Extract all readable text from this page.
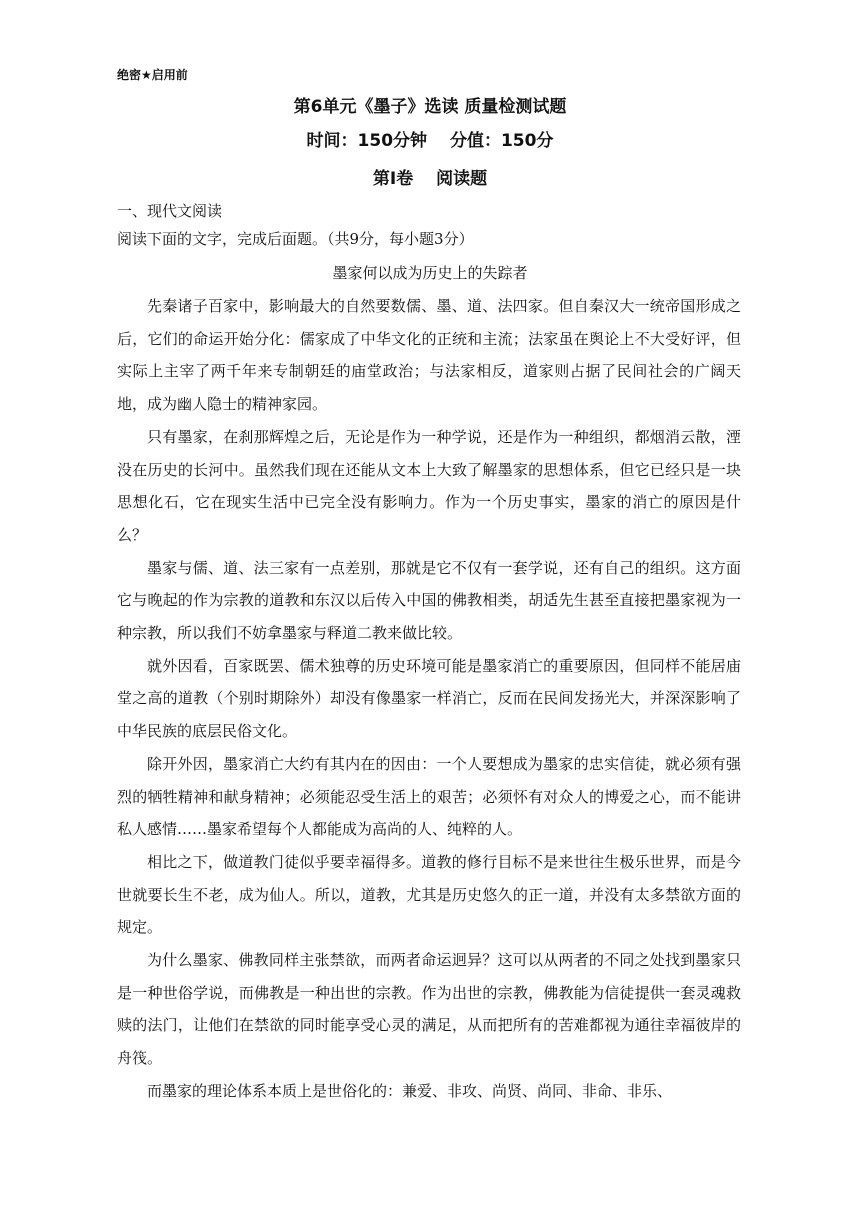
绝密★启用前
第6单元《墨子》选读 质量检测试题
时间：150分钟　 分值：150分
第Ⅰ卷　 阅读题
一、现代文阅读
阅读下面的文字，完成后面题。（共9分，每小题3分）
墨家何以成为历史上的失踪者

先秦诸子百家中，影响最大的自然要数儒、墨、道、法四家。但自秦汉大一统帝国形成之后，它们的命运开始分化：儒家成了中华文化的正统和主流；法家虽在舆论上不大受好评，但实际上主宰了两千年来专制朝廷的庙堂政治；与法家相反，道家则占据了民间社会的广阔天地，成为幽人隐士的精神家园。

只有墨家，在刹那辉煌之后，无论是作为一种学说，还是作为一种组织，都烟消云散，湮没在历史的长河中。虽然我们现在还能从文本上大致了解墨家的思想体系，但它已经只是一块思想化石，它在现实生活中已完全没有影响力。作为一个历史事实，墨家的消亡的原因是什么？

墨家与儒、道、法三家有一点差别，那就是它不仅有一套学说，还有自己的组织。这方面它与晚起的作为宗教的道教和东汉以后传入中国的佛教相类，胡适先生甚至直接把墨家视为一种宗教，所以我们不妨拿墨家与释道二教来做比较。

就外因看，百家既罢、儒术独尊的历史环境可能是墨家消亡的重要原因，但同样不能居庙堂之高的道教（个别时期除外）却没有像墨家一样消亡，反而在民间发扬光大，并深深影响了中华民族的底层民俗文化。

除开外因，墨家消亡大约有其内在的因由：一个人要想成为墨家的忠实信徒，就必须有强烈的牺牲精神和献身精神；必须能忍受生活上的艰苦；必须怀有对众人的博爱之心，而不能讲私人感情……墨家希望每个人都能成为高尚的人、纯粹的人。

相比之下，做道教门徒似乎要幸福得多。道教的修行目标不是来世往生极乐世界，而是今世就要长生不老，成为仙人。所以，道教，尤其是历史悠久的正一道，并没有太多禁欲方面的规定。

为什么墨家、佛教同样主张禁欲，而两者命运迥异？这可以从两者的不同之处找到墨家只是一种世俗学说，而佛教是一种出世的宗教。作为出世的宗教，佛教能为信徒提供一套灵魂救赎的法门，让他们在禁欲的同时能享受心灵的满足，从而把所有的苦难都视为通往幸福彼岸的舟筏。

而墨家的理论体系本质上是世俗化的：兼爱、非攻、尚贤、尚同、非命、非乐、
